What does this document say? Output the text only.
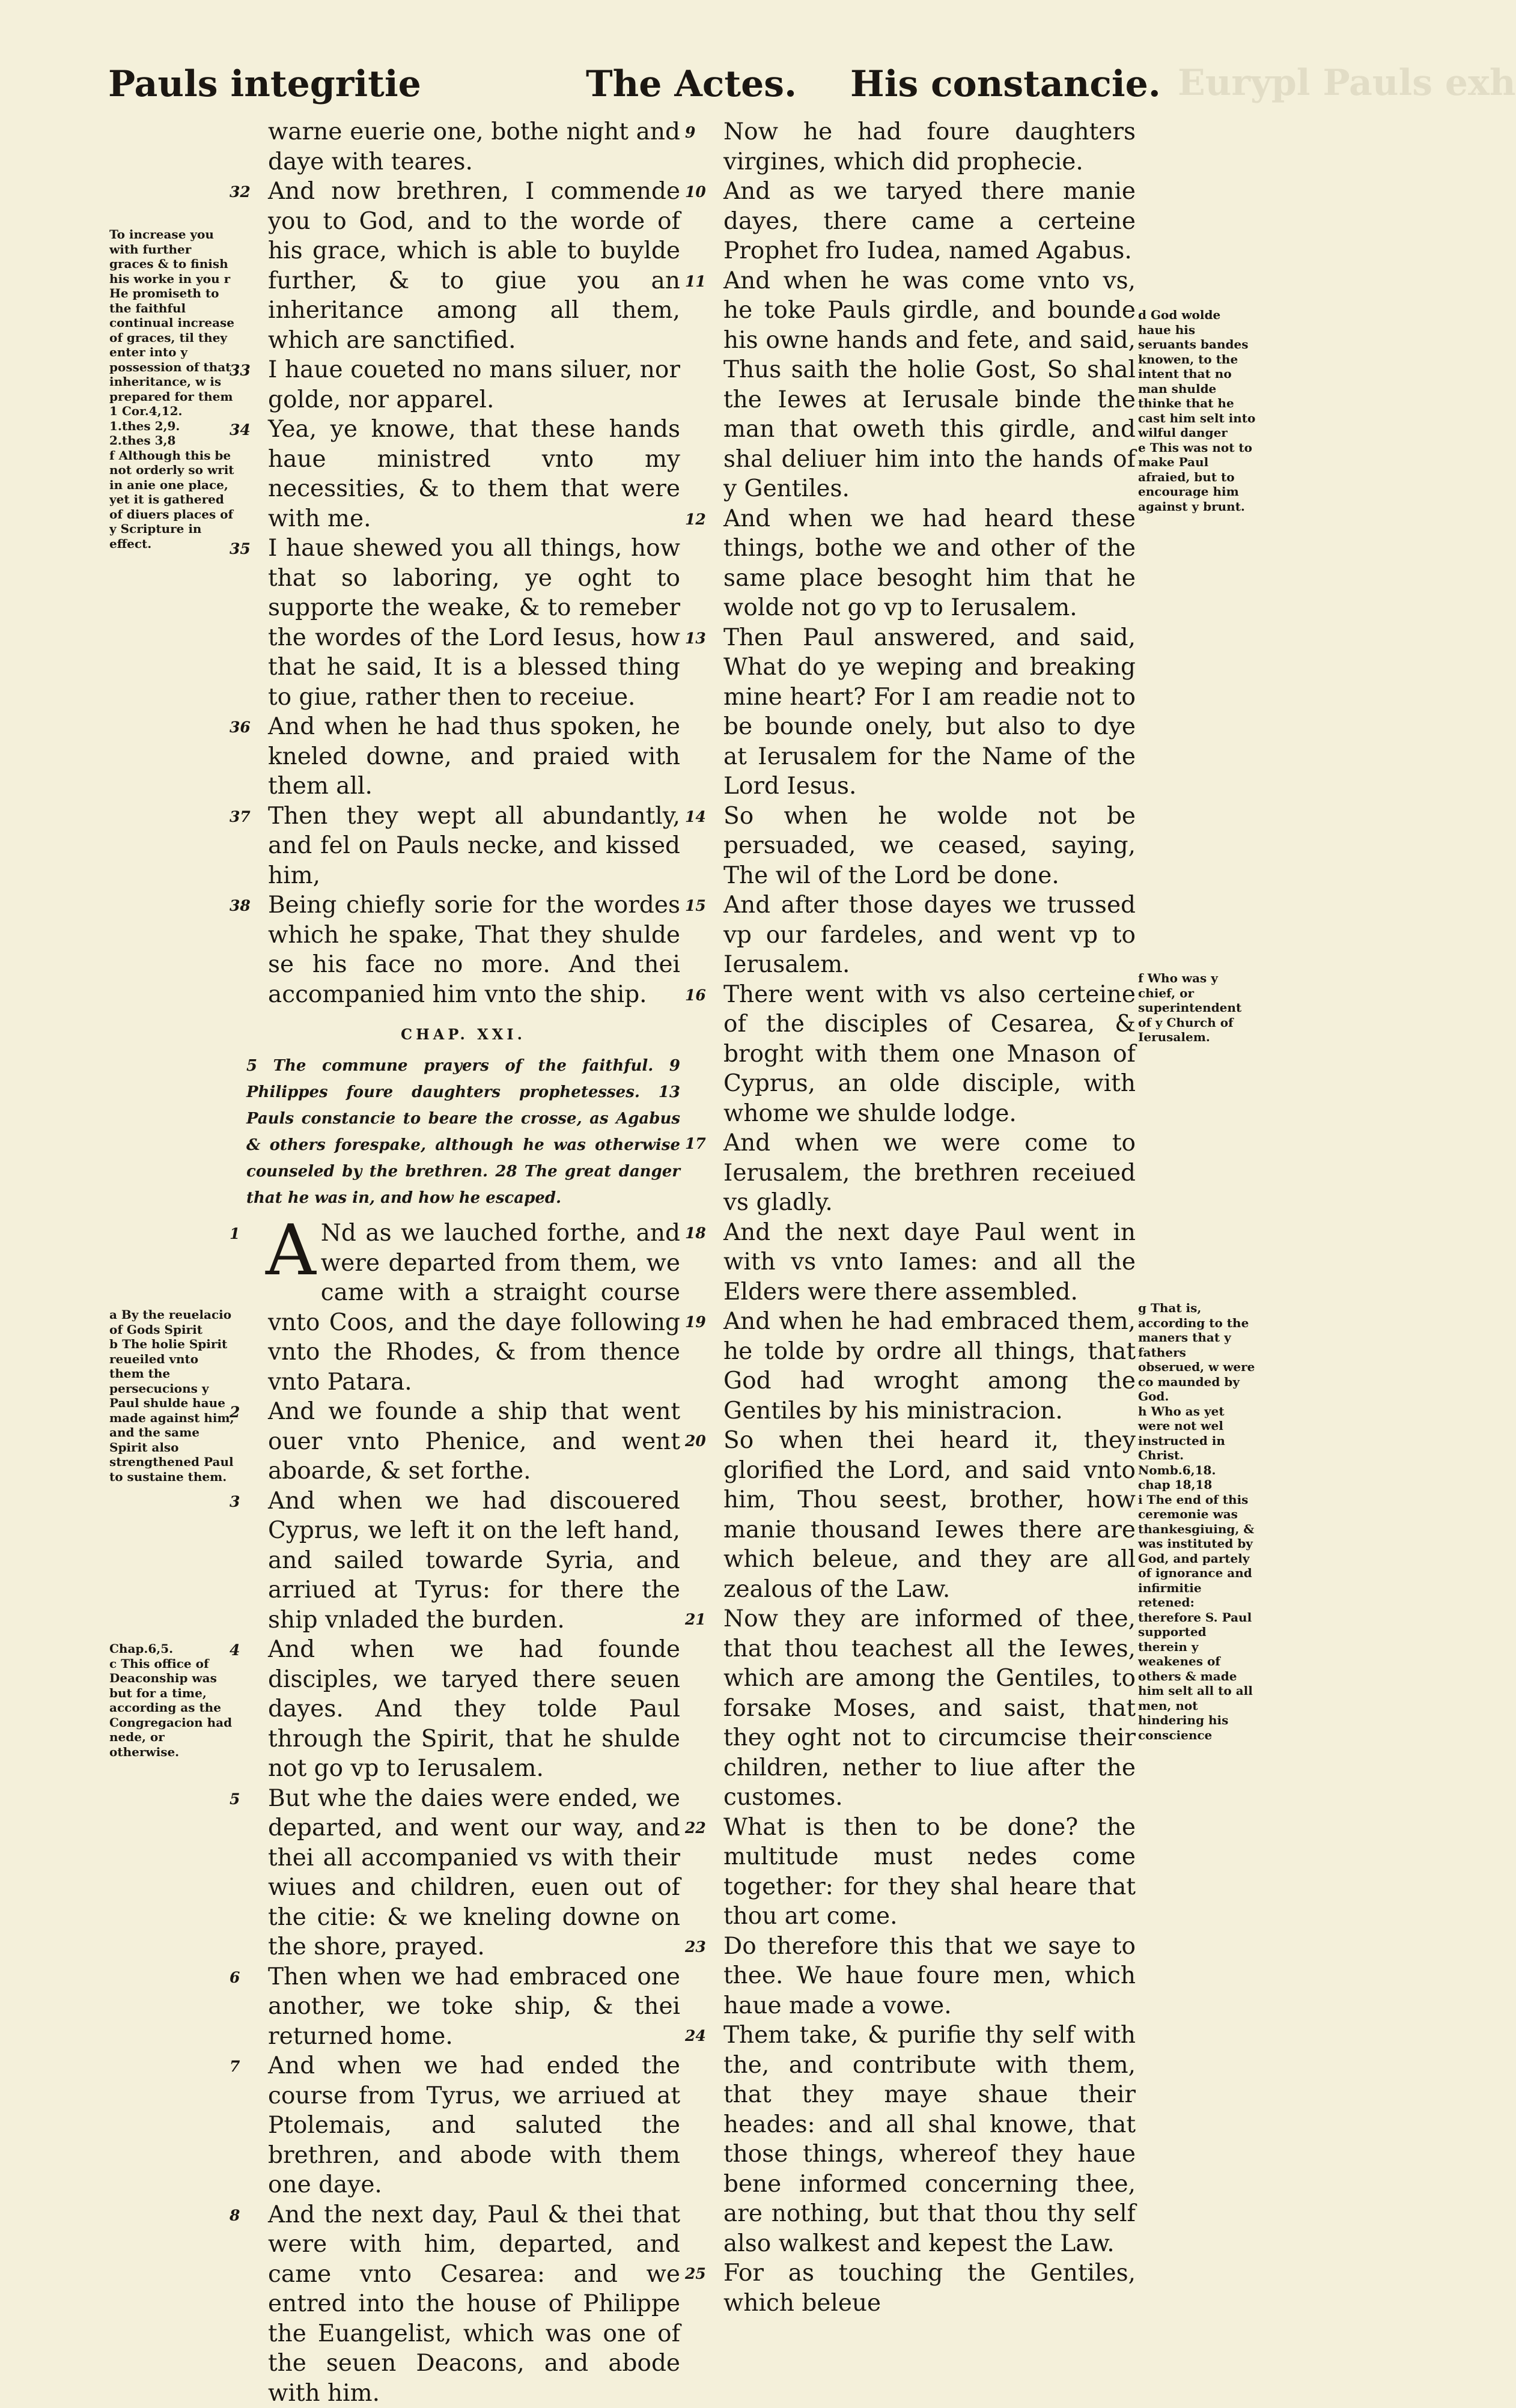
Eurypl Pauls exh
Pauls integritie	The Actes. His constancie.
To increase you with further graces & to finish his worke in you r He promiseth to the faithful continual increase of graces, til they enter into y possession of that inheritance, w is prepared for them
1 Cor.4,12.
1.thes 2,9.
2.thes 3,8
f Although this be not orderly so writ in anie one place, yet it is gathered of diuers places of y Scripture in effect.
a By the reuelacio of Gods Spirit
b The holie Spirit reueiled vnto them the persecucions y Paul shulde haue made against him, and the same Spirit also strengthened Paul to sustaine them.
Chap.6,5.
c This office of Deaconship was but for a time, according as the Congregacion had nede, or otherwise.
d God wolde haue his seruants bandes knowen, to the intent that no man shulde thinke that he cast him selt into wilful danger
e This was not to make Paul afraied, but to encourage him against y brunt.
f Who was y chief, or superintendent of y Church of Ierusalem.
g That is, according to the maners that y fathers obserued, w were co maunded by God.
h Who as yet were not wel instructed in Christ.
Nomb.6,18.
chap 18,18
i The end of this ceremonie was thankesgiuing, & was instituted by God, and partely of ignorance and infirmitie retened: therefore S. Paul supported therein y weakenes of others & made him selt all to all men, not hindering his conscience

warne euerie one, bothe night and daye with teares.

32 And now brethren, I commende you to God, and to the worde of his grace, which is able to buylde further, & to giue you an inheritance among all them, which are sanctified.

33 I haue coueted no mans siluer, nor golde, nor apparel.

34 Yea, ye knowe, that these hands haue ministred vnto my necessities, & to them that were with me.

35 I haue shewed you all things, how that so laboring, ye oght to supporte the weake, & to remeber the wordes of the Lord Iesus, how that he said, It is a blessed thing to giue, rather then to receiue.

36 And when he had thus spoken, he kneled downe, and praied with them all.

37 Then they wept all abundantly, and fel on Pauls necke, and kissed him,

38 Being chiefly sorie for the wordes which he spake, That they shulde se his face no more. And thei accompanied him vnto the ship.

CHAP. XXI.
5 The commune prayers of the faithful. 9 Philippes foure daughters prophetesses. 13 Pauls constancie to beare the crosse, as Agabus & others forespake, although he was otherwise counseled by the brethren. 28 The great danger that he was in, and how he escaped.

1 A Nd as we lauched forthe, and were departed from them, we came with a straight course vnto Coos, and the daye following vnto the Rhodes, & from thence vnto Patara.

2 And we founde a ship that went ouer vnto Phenice, and went aboarde, & set forthe.

3 And when we had discouered Cyprus, we left it on the left hand, and sailed towarde Syria, and arriued at Tyrus: for there the ship vnladed the burden.

4 And when we had founde disciples, we taryed there seuen dayes. And they tolde Paul through the Spirit, that he shulde not go vp to Ierusalem.

5 But whe the daies were ended, we departed, and went our way, and thei all accompanied vs with their wiues and children, euen out of the citie: & we kneling downe on the shore, prayed.

6 Then when we had embraced one another, we toke ship, & thei returned home.

7 And when we had ended the course from Tyrus, we arriued at Ptolemais, and saluted the brethren, and abode with them one daye.

8 And the next day, Paul & thei that were with him, departed, and came vnto Cesarea: and we entred into the house of Philippe the Euangelist, which was one of the seuen Deacons, and abode with him.

9 Now he had foure daughters virgines, which did prophecie.

10 And as we taryed there manie dayes, there came a certeine Prophet fro Iudea, named Agabus.

11 And when he was come vnto vs, he toke Pauls girdle, and bounde his owne hands and fete, and said, Thus saith the holie Gost, So shal the Iewes at Ierusale binde the man that oweth this girdle, and shal deliuer him into the hands of y Gentiles.

12 And when we had heard these things, bothe we and other of the same place besoght him that he wolde not go vp to Ierusalem.

13 Then Paul answered, and said, What do ye weping and breaking mine heart? For I am readie not to be bounde onely, but also to dye at Ierusalem for the Name of the Lord Iesus.

14 So when he wolde not be persuaded, we ceased, saying, The wil of the Lord be done.

15 And after those dayes we trussed vp our fardeles, and went vp to Ierusalem.

16 There went with vs also certeine of the disciples of Cesarea, & broght with them one Mnason of Cyprus, an olde disciple, with whome we shulde lodge.

17 And when we were come to Ierusalem, the brethren receiued vs gladly.

18 And the next daye Paul went in with vs vnto Iames: and all the Elders were there assembled.

19 And when he had embraced them, he tolde by ordre all things, that God had wroght among the Gentiles by his ministracion.

20 So when thei heard it, they glorified the Lord, and said vnto him, Thou seest, brother, how manie thousand Iewes there are which beleue, and they are all zealous of the Law.

21 Now they are informed of thee, that thou teachest all the Iewes, which are among the Gentiles, to forsake Moses, and saist, that they oght not to circumcise their children, nether to liue after the customes.

22 What is then to be done? the multitude must nedes come together: for they shal heare that thou art come.

23 Do therefore this that we saye to thee. We haue foure men, which haue made a vowe.

24 Them take, & purifie thy self with the, and contribute with them, that they maye shaue their heades: and all shal knowe, that those things, whereof they haue bene informed concerning thee, are nothing, but that thou thy self also walkest and kepest the Law.

25 For as touching the Gentiles, which beleue
